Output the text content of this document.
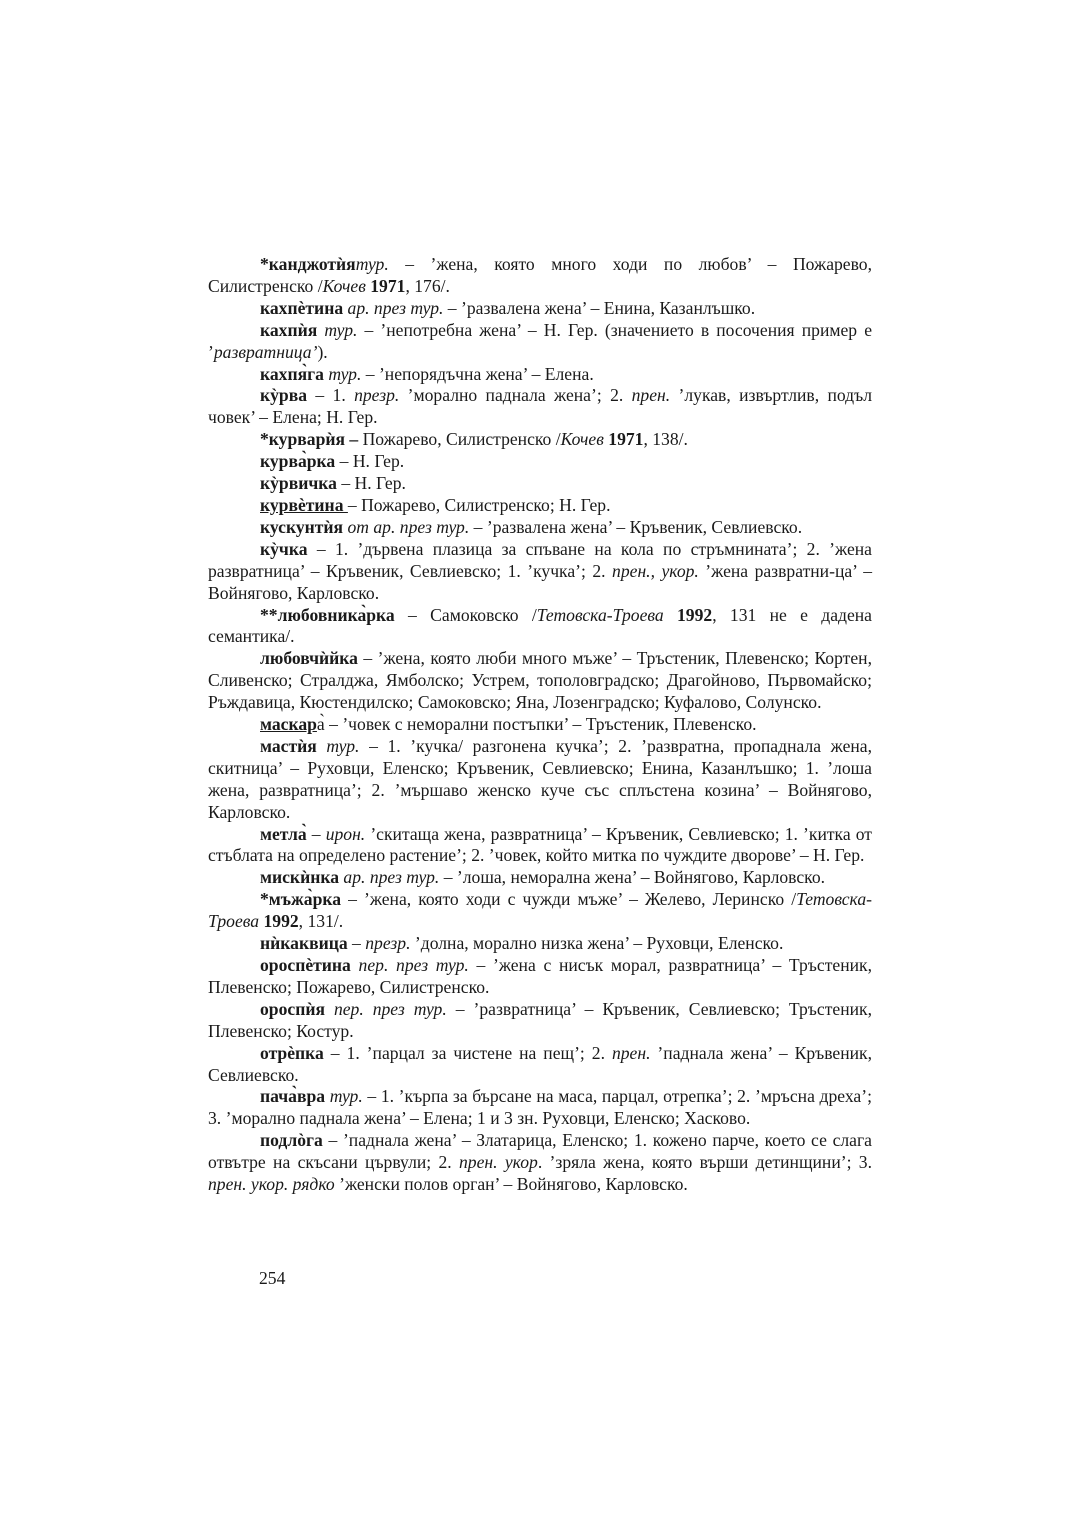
*канджотѝятур. – ’жена, която много ходи по любов’ – Пожарево, Силистренско /Кочев 1971, 176/.

кахпѐтина ар. през тур. – ’развалена жена’ – Енина, Казанлъшко.

кахпѝя тур. – ’непотребна жена’ – Н. Гер. (значението в посочения пример е ’развратница’).

кахпя̀га тур. – ’непорядъчна жена’ – Елена.

кỳрва – 1. презр. ’морално паднала жена’; 2. прен. ’лукав, извъртлив, подъл човек’ – Елена; Н. Гер.

*курварѝя – Пожарево, Силистренско /Кочев 1971, 138/.

курва̀рка – Н. Гер.

кỳрвичка – Н. Гер.

курвѐтина – Пожарево, Силистренско; Н. Гер.

кускунтѝя от ар. през тур. – ’развалена жена’ – Кръвеник, Севлиевско.

кỳчка – 1. ’дървена плазица за спъване на кола по стръмнината’; 2. ’жена развратница’ – Кръвеник, Севлиевско; 1. ’кучка’; 2. прен., укор. ’жена развратни-ца’ – Войнягово, Карловско.

**любовника̀рка – Самоковско /Тетовска-Троева 1992, 131 не е дадена семантика/.

любовчѝйка – ’жена, която люби много мъже’ – Тръстеник, Плевенско; Кортен, Сливенско; Стралджа, Ямболско; Устрем, тополовградско; Драгойново, Първомайско; Ръждавица, Кюстендилско; Самоковско; Яна, Лозенградско; Куфалово, Солунско.

маскара̀ – ’човек с неморални постъпки’ – Тръстеник, Плевенско.

мастѝя тур. – 1. ’кучка/ разгонена кучка’; 2. ’развратна, пропаднала жена, скитница’ – Руховци, Еленско; Кръвеник, Севлиевско; Енина, Казанлъшко; 1. ’лоша жена, развратница’; 2. ’мършаво женско куче със сплъстена козина’ – Войнягово, Карловско.

метла̀ – ирон. ’скитаща жена, развратница’ – Кръвеник, Севлиевско; 1. ’китка от стъблата на определено растение’; 2. ’човек, който митка по чуждите дворове’ – Н. Гер.

мискѝнка ар. през тур. – ’лоша, неморална жена’ – Войнягово, Карловско.

*мъжа̀рка – ’жена, която ходи с чужди мъже’ – Желево, Леринско /Тетовска-Троева 1992, 131/.

нѝкаквица – презр. ’долна, морално низка жена’ – Руховци, Еленско.

ороспѐтина пер. през тур. – ’жена с нисък морал, развратница’ – Тръстеник, Плевенско; Пожарево, Силистренско.

ороспѝя пер. през тур. – ’развратница’ – Кръвеник, Севлиевско; Тръстеник, Плевенско; Костур.

отрѐпка – 1. ’парцал за чистене на пещ’; 2. прен. ’паднала жена’ – Кръвеник, Севлиевско.

пача̀вра тур. – 1. ’кърпа за бърсане на маса, парцал, отрепка’; 2. ’мръсна дреха’; 3. ’морално паднала жена’ – Елена; 1 и 3 зн. Руховци, Еленско; Хасково.

подлòга – ’паднала жена’ – Златарица, Еленско; 1. кожено парче, което се слага отвътре на скъсани цървули; 2. прен. укор. ’зряла жена, която върши детинщини’; 3. прен. укор. рядко ’женски полов орган’ – Войнягово, Карловско.

254
